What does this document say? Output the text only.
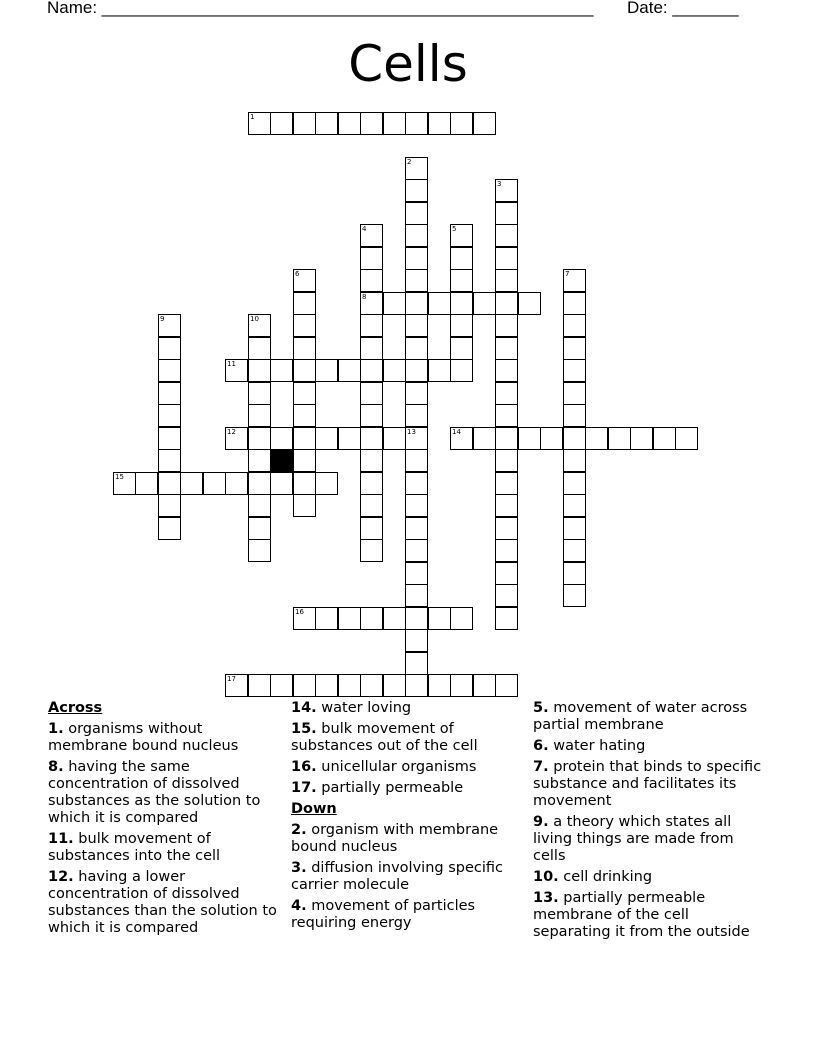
Name: ____________________________________________________ Date: _______
Cells
1
8
11
12	13	14
15
16
17
2
3
4	5
6	7
9	10
Across
1. organisms without membrane bound nucleus
8. having the same concentration of dissolved substances as the solution to which it is compared
11. bulk movement of substances into the cell
12. having a lower concentration of dissolved substances than the solution to which it is compared
14. water loving
15. bulk movement of substances out of the cell
16. unicellular organisms
17. partially permeable
Down
2. organism with membrane bound nucleus
3. diffusion involving specific carrier molecule
4. movement of particles requiring energy
5. movement of water across partial membrane
6. water hating
7. protein that binds to specific substance and facilitates its movement
9. a theory which states all living things are made from cells
10. cell drinking
13. partially permeable membrane of the cell separating it from the outside
